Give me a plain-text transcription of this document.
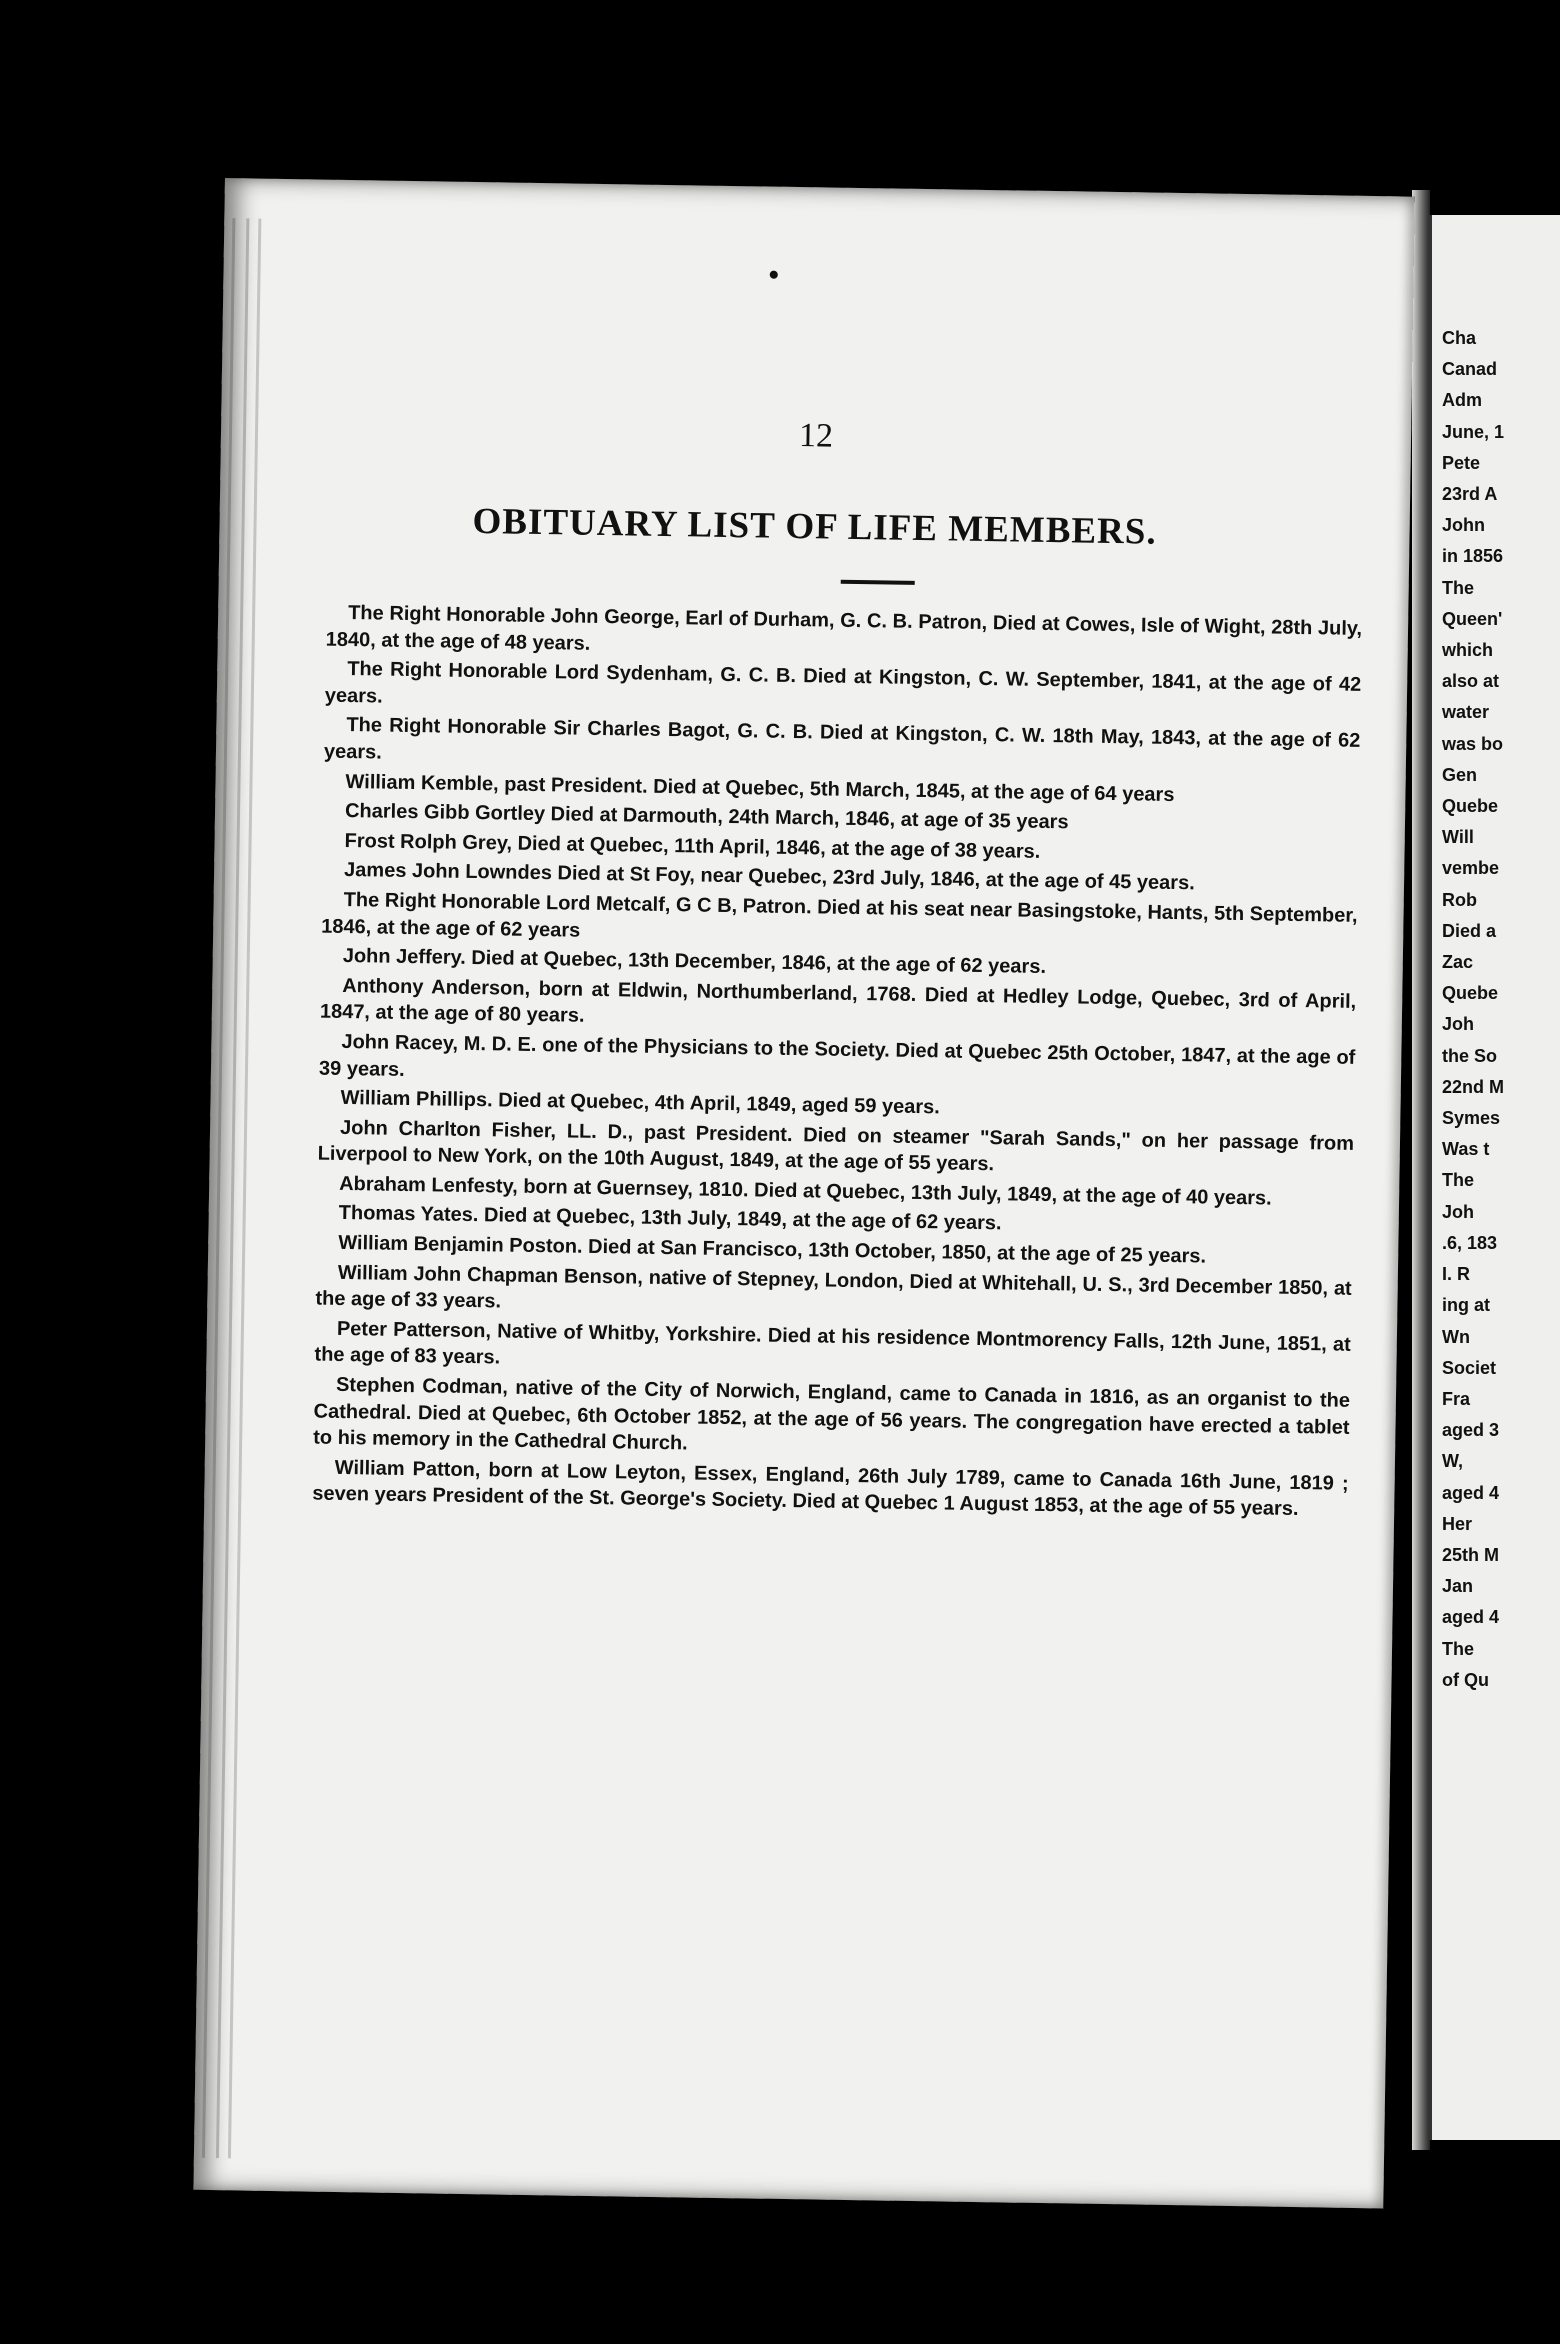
Cha
Canad
Adm
June, 1
Pete
23rd A
John
in 1856
The
Queen'
which
also at
water
was bo
Gen
Quebe
Will
vembe
Rob
Died a
Zac
Quebe
Joh
the So
22nd M
Symes
Was t
The
Joh
.6, 183
I. R
ing at
Wn
Societ
Fra
aged 3
W,
aged 4
Her
25th M
Jan
aged 4
The
of Qu
•
12
OBITUARY LIST OF LIFE MEMBERS.

The Right Honorable John George, Earl of Durham, G. C. B. Patron, Died at Cowes, Isle of Wight, 28th July, 1840, at the age of 48 years.

The Right Honorable Lord Sydenham, G. C. B. Died at Kingston, C. W. September, 1841, at the age of 42 years.

The Right Honorable Sir Charles Bagot, G. C. B. Died at Kingston, C. W. 18th May, 1843, at the age of 62 years.

William Kemble, past President. Died at Quebec, 5th March, 1845, at the age of 64 years

Charles Gibb Gortley Died at Darmouth, 24th March, 1846, at age of 35 years

Frost Rolph Grey, Died at Quebec, 11th April, 1846, at the age of 38 years.

James John Lowndes Died at St Foy, near Quebec, 23rd July, 1846, at the age of 45 years.

The Right Honorable Lord Metcalf, G C B, Patron. Died at his seat near Basingstoke, Hants, 5th September, 1846, at the age of 62 years

John Jeffery. Died at Quebec, 13th December, 1846, at the age of 62 years.

Anthony Anderson, born at Eldwin, Northumberland, 1768. Died at Hedley Lodge, Quebec, 3rd of April, 1847, at the age of 80 years.

John Racey, M. D. E. one of the Physicians to the Society. Died at Quebec 25th October, 1847, at the age of 39 years.

William Phillips. Died at Quebec, 4th April, 1849, aged 59 years.

John Charlton Fisher, LL. D., past President. Died on steamer "Sarah Sands," on her passage from Liverpool to New York, on the 10th August, 1849, at the age of 55 years.

Abraham Lenfesty, born at Guernsey, 1810. Died at Quebec, 13th July, 1849, at the age of 40 years.

Thomas Yates. Died at Quebec, 13th July, 1849, at the age of 62 years.

William Benjamin Poston. Died at San Francisco, 13th October, 1850, at the age of 25 years.

William John Chapman Benson, native of Stepney, London, Died at Whitehall, U. S., 3rd December 1850, at the age of 33 years.

Peter Patterson, Native of Whitby, Yorkshire. Died at his residence Montmorency Falls, 12th June, 1851, at the age of 83 years.

Stephen Codman, native of the City of Norwich, England, came to Canada in 1816, as an organist to the Cathedral. Died at Quebec, 6th October 1852, at the age of 56 years. The congregation have erected a tablet to his memory in the Cathedral Church.

William Patton, born at Low Leyton, Essex, England, 26th July 1789, came to Canada 16th June, 1819 ; seven years President of the St. George's Society. Died at Quebec 1 August 1853, at the age of 55 years.
